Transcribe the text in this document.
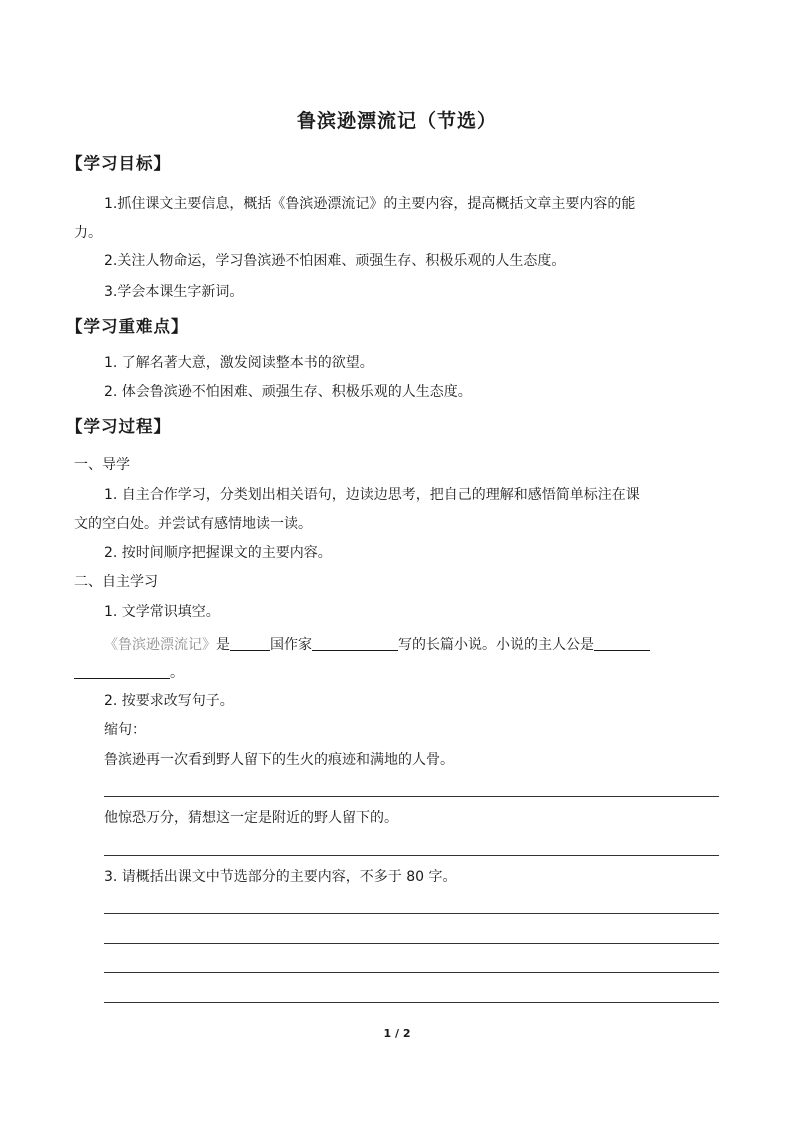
鲁滨逊漂流记（节选）
【学习目标】
1.抓住课文主要信息，概括《鲁滨逊漂流记》的主要内容，提高概括文章主要内容的能
力。
2.关注人物命运，学习鲁滨逊不怕困难、顽强生存、积极乐观的人生态度。
3.学会本课生字新词。
【学习重难点】
1. 了解名著大意，激发阅读整本书的欲望。
2. 体会鲁滨逊不怕困难、顽强生存、积极乐观的人生态度。
【学习过程】
一、导学
1. 自主合作学习，分类划出相关语句，边读边思考，把自己的理解和感悟简单标注在课
文的空白处。并尝试有感情地读一读。
2. 按时间顺序把握课文的主要内容。
二、自主学习
1. 文学常识填空。
《鲁滨逊漂流记》是	国作家	写的长篇小说。小说的主人公是
。
2. 按要求改写句子。
缩句：
鲁滨逊再一次看到野人留下的生火的痕迹和满地的人骨。
他惊恐万分，猜想这一定是附近的野人留下的。
3. 请概括出课文中节选部分的主要内容，不多于 80 字。
1 / 2
